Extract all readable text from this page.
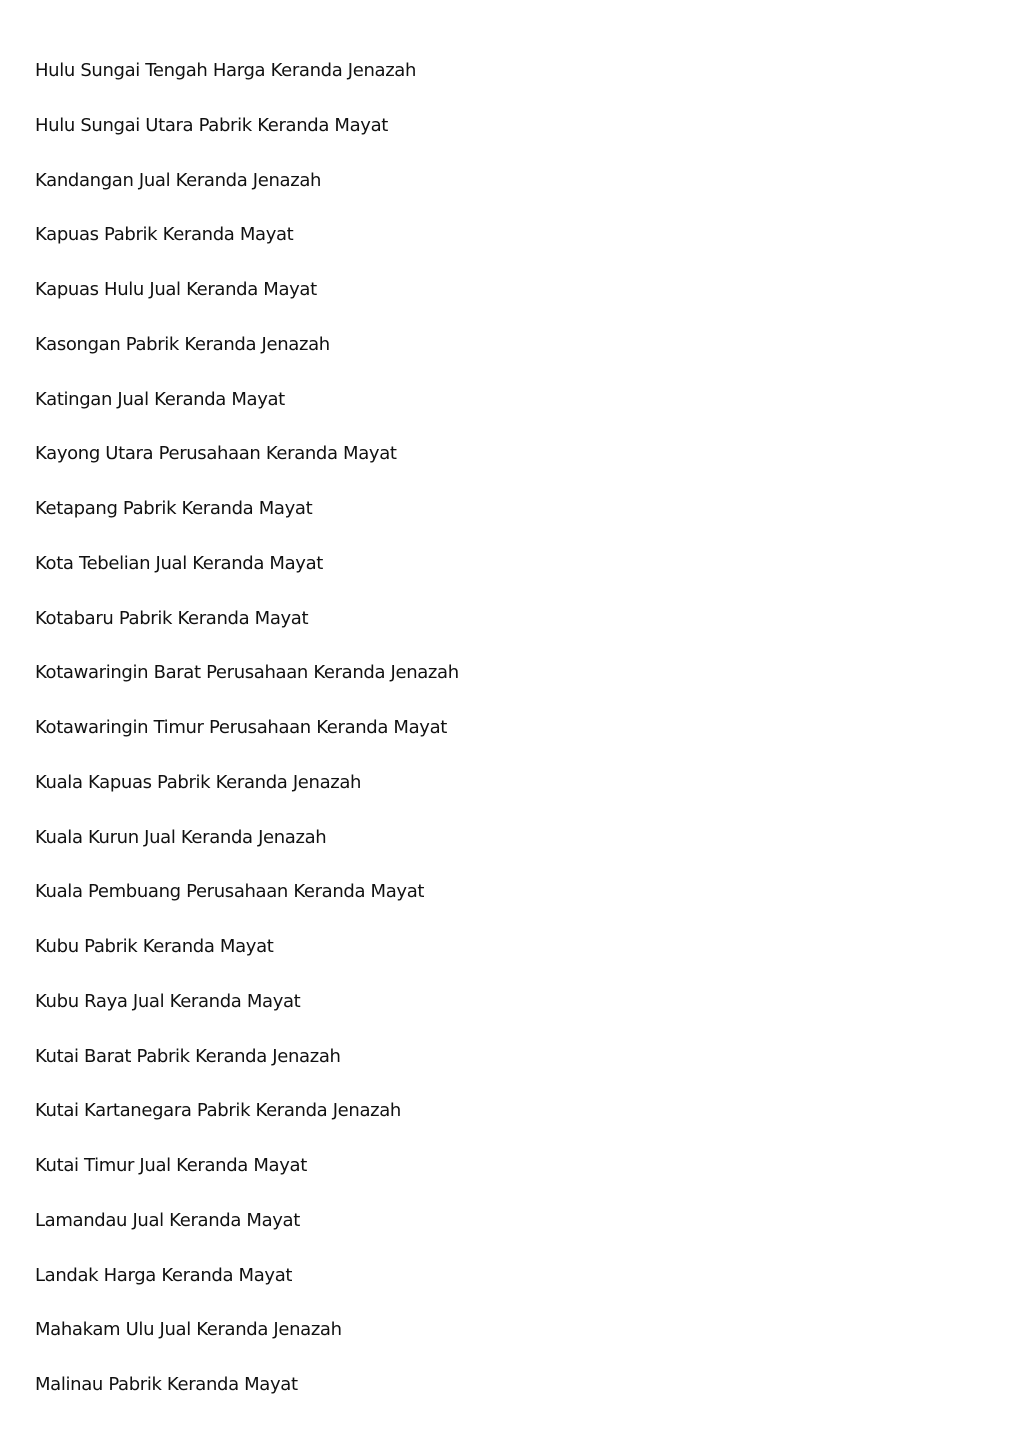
Hulu Sungai Tengah Harga Keranda Jenazah
Hulu Sungai Utara Pabrik Keranda Mayat
Kandangan Jual Keranda Jenazah
Kapuas Pabrik Keranda Mayat
Kapuas Hulu Jual Keranda Mayat
Kasongan Pabrik Keranda Jenazah
Katingan Jual Keranda Mayat
Kayong Utara Perusahaan Keranda Mayat
Ketapang Pabrik Keranda Mayat
Kota Tebelian Jual Keranda Mayat
Kotabaru Pabrik Keranda Mayat
Kotawaringin Barat Perusahaan Keranda Jenazah
Kotawaringin Timur Perusahaan Keranda Mayat
Kuala Kapuas Pabrik Keranda Jenazah
Kuala Kurun Jual Keranda Jenazah
Kuala Pembuang Perusahaan Keranda Mayat
Kubu Pabrik Keranda Mayat
Kubu Raya Jual Keranda Mayat
Kutai Barat Pabrik Keranda Jenazah
Kutai Kartanegara Pabrik Keranda Jenazah
Kutai Timur Jual Keranda Mayat
Lamandau Jual Keranda Mayat
Landak Harga Keranda Mayat
Mahakam Ulu Jual Keranda Jenazah
Malinau Pabrik Keranda Mayat
